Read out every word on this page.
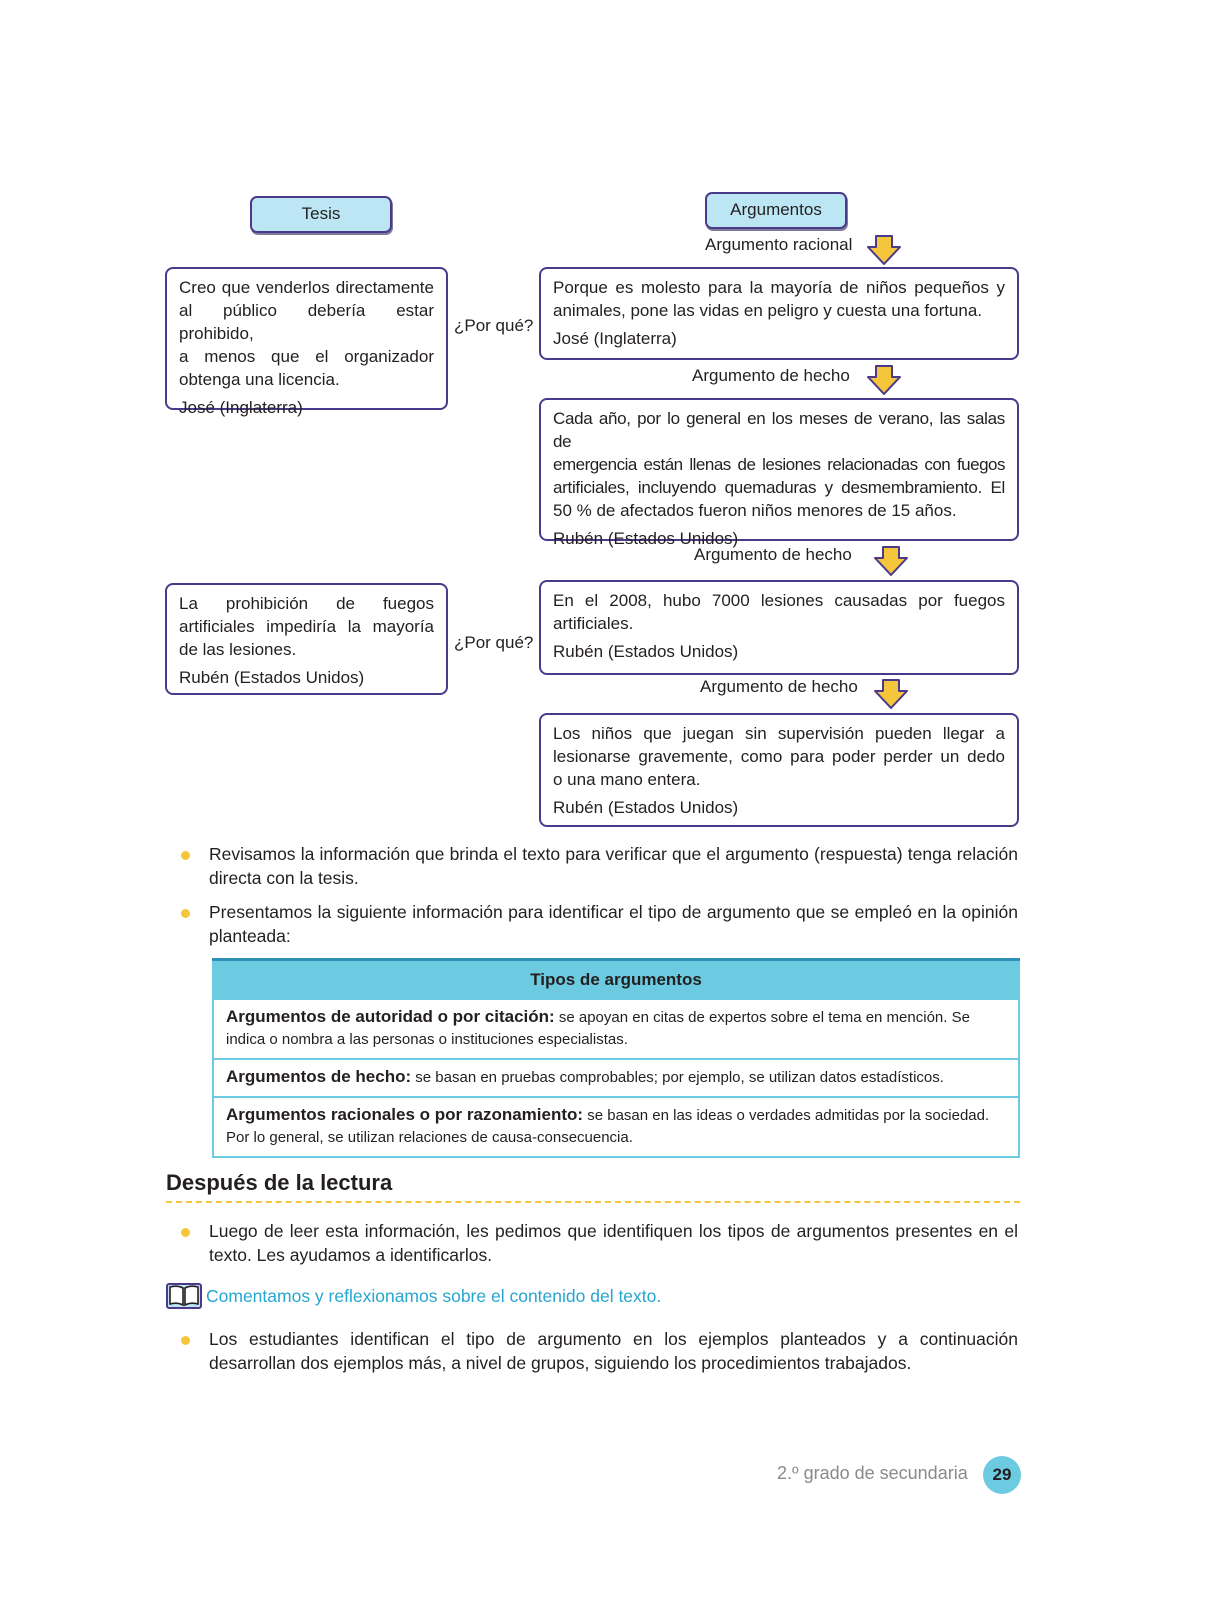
Tesis	Argumentos
Argumento racional

Creo que venderlos directamente

al público debería estar prohibido,

a menos que el organizador

obtenga una licencia.

José (Inglaterra)

¿Por qué?

Porque es molesto para la mayoría de niños pequeños y

animales, pone las vidas en peligro y cuesta una fortuna.

José (Inglaterra)

Argumento de hecho

Cada año, por lo general en los meses de verano, las salas de

emergencia están llenas de lesiones relacionadas con fuegos

artificiales, incluyendo quemaduras y desmembramiento. El

50 % de afectados fueron niños menores de 15 años.

Rubén (Estados Unidos)

Argumento de hecho

La prohibición de fuegos

artificiales impediría la mayoría

de las lesiones.

Rubén (Estados Unidos)

¿Por qué?

En el 2008, hubo 7000 lesiones causadas por fuegos

artificiales.

Rubén (Estados Unidos)

Argumento de hecho

Los niños que juegan sin supervisión pueden llegar a

lesionarse gravemente, como para poder perder un dedo

o una mano entera.

Rubén (Estados Unidos)

Revisamos la información que brinda el texto para verificar que el argumento (respuesta) tenga relación directa con la tesis.
Presentamos la siguiente información para identificar el tipo de argumento que se empleó en la opinión planteada:
Tipos de argumentos
Argumentos de autoridad o por citación: se apoyan en citas de expertos sobre el tema en mención. Se indica o nombra a las personas o instituciones especialistas.
Argumentos de hecho: se basan en pruebas comprobables; por ejemplo, se utilizan datos estadísticos.
Argumentos racionales o por razonamiento: se basan en las ideas o verdades admitidas por la sociedad. Por lo general, se utilizan relaciones de causa-consecuencia.
Después de la lectura
Luego de leer esta información, les pedimos que identifiquen los tipos de argumentos presentes en el texto. Les ayudamos a identificarlos.
Comentamos y reflexionamos sobre el contenido del texto.
Los estudiantes identifican el tipo de argumento en los ejemplos planteados y a continuación desarrollan dos ejemplos más, a nivel de grupos, siguiendo los procedimientos trabajados.
2.º grado de secundaria	29
